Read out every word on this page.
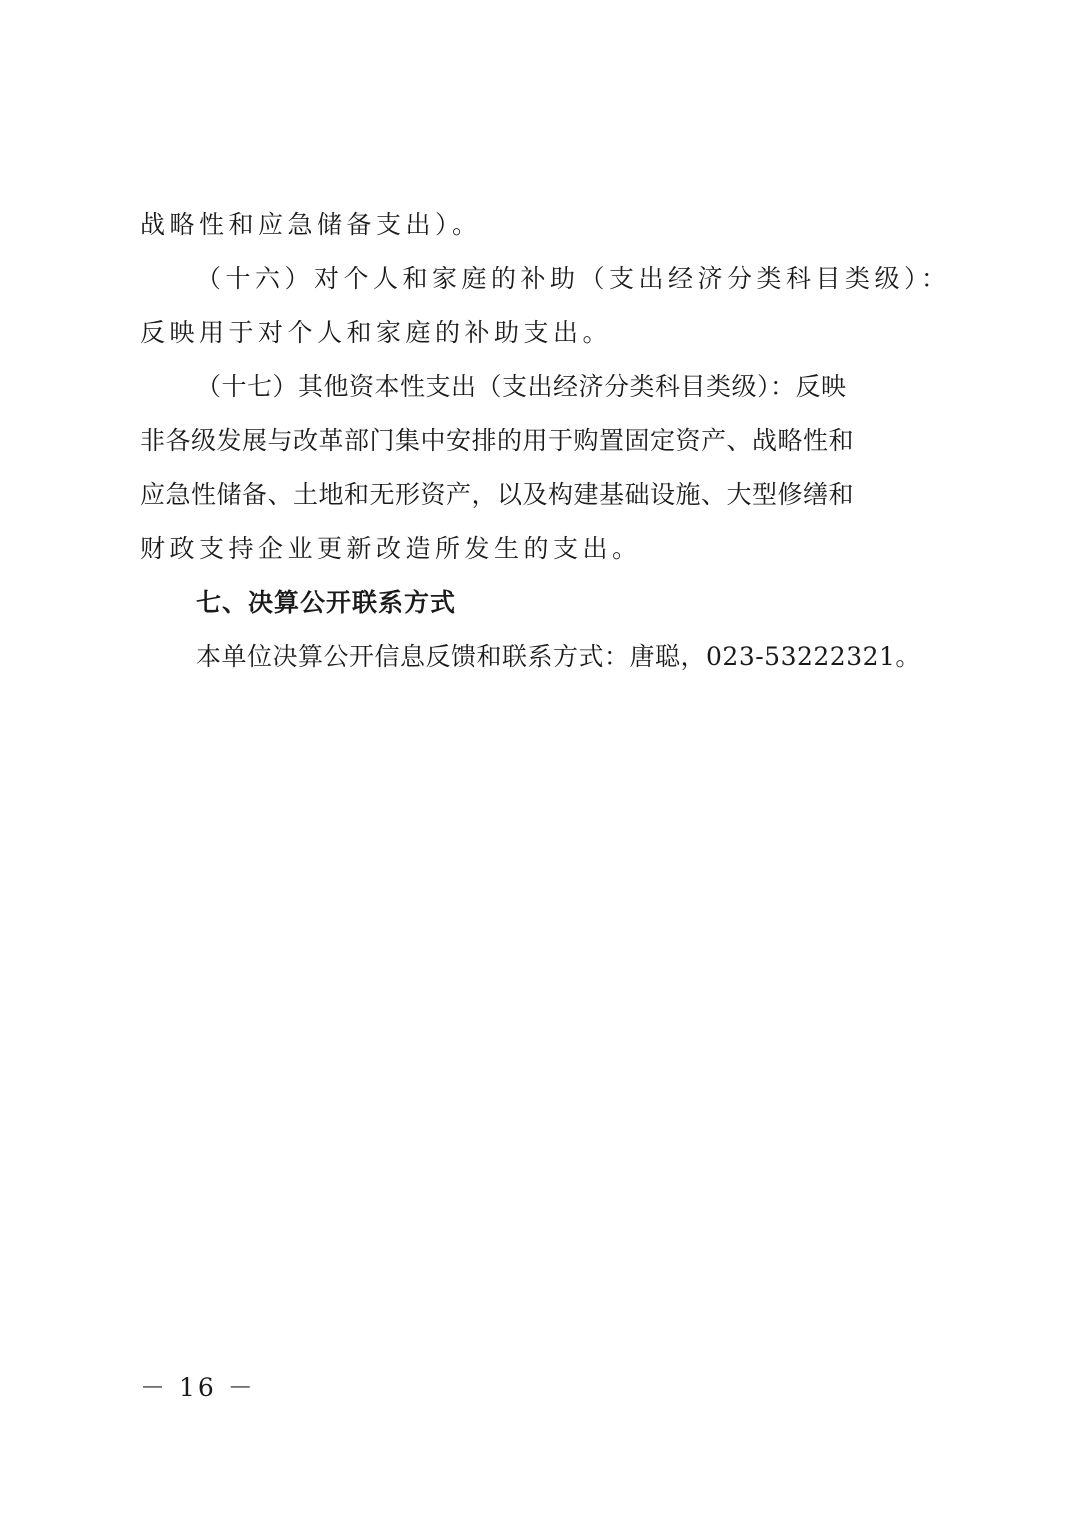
战略性和应急储备支出）。
（十六）对个人和家庭的补助（支出经济分类科目类级）：
反映用于对个人和家庭的补助支出。
（十七）其他资本性支出（支出经济分类科目类级）：反映
非各级发展与改革部门集中安排的用于购置固定资产、战略性和
应急性储备、土地和无形资产，以及构建基础设施、大型修缮和
财政支持企业更新改造所发生的支出。
七、决算公开联系方式
本单位决算公开信息反馈和联系方式：唐聪，023-53222321。
－ 16 －
